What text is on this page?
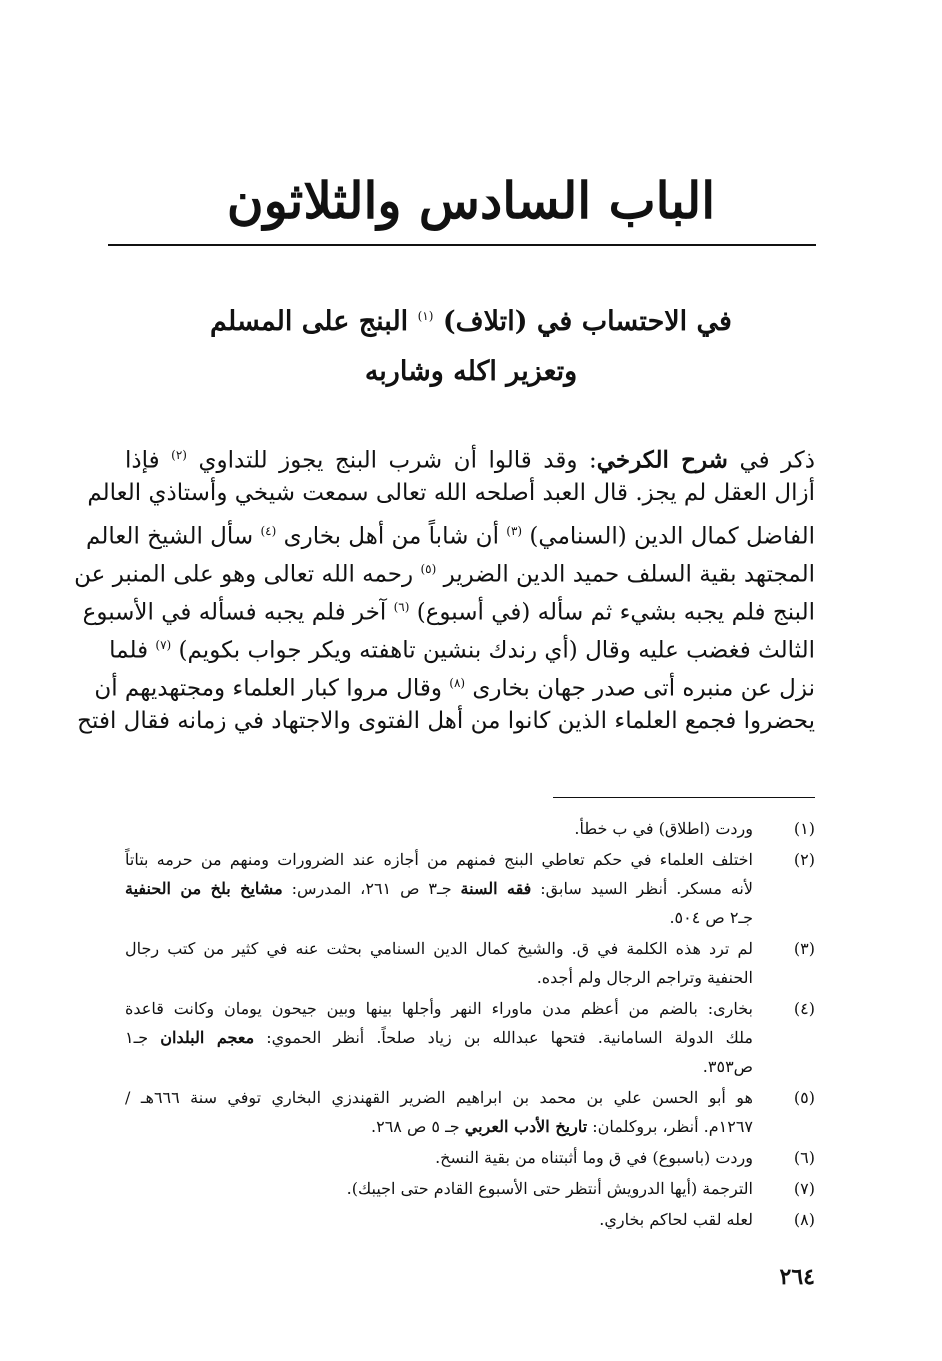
الباب السادس والثلاثون
في الاحتساب في (اتلاف) $^{(١)}$ البنج على المسلم
وتعزير اكله وشاربه
ذكر في شرح الكرخي: وقد قالوا أن شرب البنج يجوز للتداوي $^{(٢)}$ فإذا
أزال العقل لم يجز. قال العبد أصلحه الله تعالى سمعت شيخي وأستاذي العالم
الفاضل كمال الدين (السنامي) $^{(٣)}$ أن شاباً من أهل بخارى $^{(٤)}$ سأل الشيخ العالم
المجتهد بقية السلف حميد الدين الضرير $^{(٥)}$ رحمه الله تعالى وهو على المنبر عن
البنج فلم يجبه بشيء ثم سأله (في أسبوع) $^{(٦)}$ آخر فلم يجبه فسأله في الأسبوع
الثالث فغضب عليه وقال (أي رندك بنشين تاهفته ويكر جواب بكويم) $^{(٧)}$ فلما
نزل عن منبره أتى صدر جهان بخارى $^{(٨)}$ وقال مروا كبار العلماء ومجتهديهم أن
يحضروا فجمع العلماء الذين كانوا من أهل الفتوى والاجتهاد في زمانه فقال افتح
(١)
وردت (اطلاق) في ب خطأ.
(٢)
اختلف العلماء في حكم تعاطي البنج فمنهم من أجازه عند الضرورات ومنهم من حرمه بتاتاً
لأنه مسكر. أنظر السيد سابق: فقه السنة جـ٣ ص ٢٦١، المدرس: مشايخ بلخ من الحنفية
جـ٢ ص ٥٠٤.
(٣)
لم ترد هذه الكلمة في ق. والشيخ كمال الدين السنامي بحثت عنه في كثير من كتب رجال
الحنفية وتراجم الرجال ولم أجده.
(٤)
بخارى: بالضم من أعظم مدن ماوراء النهر وأجلها بينها وبين جيحون يومان وكانت قاعدة
ملك الدولة السامانية. فتحها عبدالله بن زياد صلحاً. أنظر الحموي: معجم البلدان جـ١
ص٣٥٣.
(٥)
هو أبو الحسن علي بن محمد بن ابراهيم الضرير القهندزي البخاري توفي سنة ٦٦٦هـ /
١٢٦٧م. أنظر، بروكلمان: تاريخ الأدب العربي جـ ٥ ص ٢٦٨.
(٦)
وردت (باسبوع) في ق وما أثبتناه من بقية النسخ.
(٧)
الترجمة (أيها الدرويش أنتظر حتى الأسبوع القادم حتى اجيبك).
(٨)
لعله لقب لحاكم بخاري.
٢٦٤
